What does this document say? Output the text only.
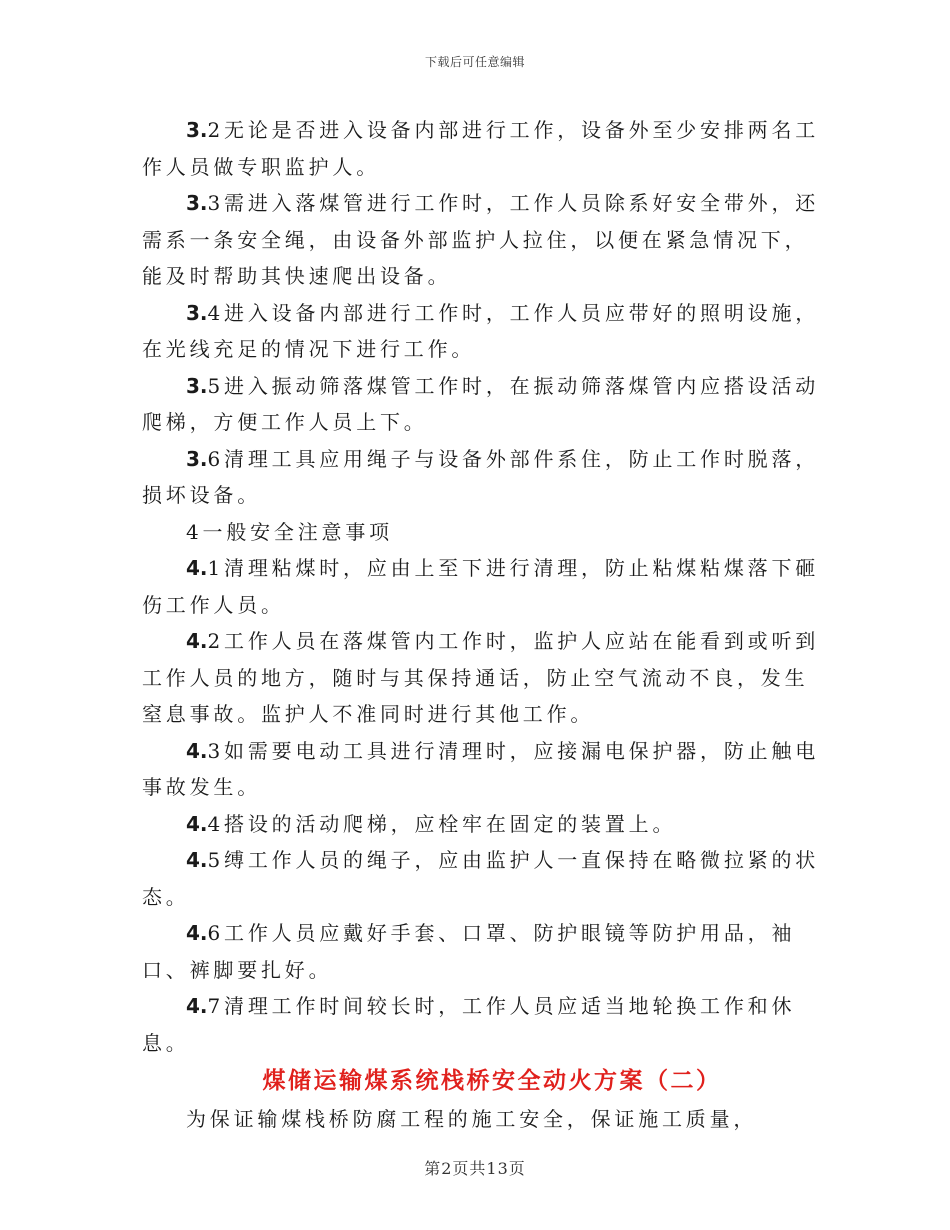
下载后可任意编辑

3.2无论是否进入设备内部进行工作，设备外至少安排两名工作人员做专职监护人。

3.3需进入落煤管进行工作时，工作人员除系好安全带外，还需系一条安全绳，由设备外部监护人拉住，以便在紧急情况下，能及时帮助其快速爬出设备。

3.4进入设备内部进行工作时，工作人员应带好的照明设施，在光线充足的情况下进行工作。

3.5进入振动筛落煤管工作时，在振动筛落煤管内应搭设活动爬梯，方便工作人员上下。

3.6清理工具应用绳子与设备外部件系住，防止工作时脱落，损坏设备。

4一般安全注意事项

4.1清理粘煤时，应由上至下进行清理，防止粘煤粘煤落下砸伤工作人员。

4.2工作人员在落煤管内工作时，监护人应站在能看到或听到工作人员的地方，随时与其保持通话，防止空气流动不良，发生窒息事故。监护人不准同时进行其他工作。

4.3如需要电动工具进行清理时，应接漏电保护器，防止触电事故发生。

4.4搭设的活动爬梯，应栓牢在固定的装置上。

4.5缚工作人员的绳子，应由监护人一直保持在略微拉紧的状态。

4.6工作人员应戴好手套、口罩、防护眼镜等防护用品，袖口、裤脚要扎好。

4.7清理工作时间较长时，工作人员应适当地轮换工作和休息。

煤储运输煤系统栈桥安全动火方案（二）

为保证输煤栈桥防腐工程的施工安全，保证施工质量，

第2页共13页
